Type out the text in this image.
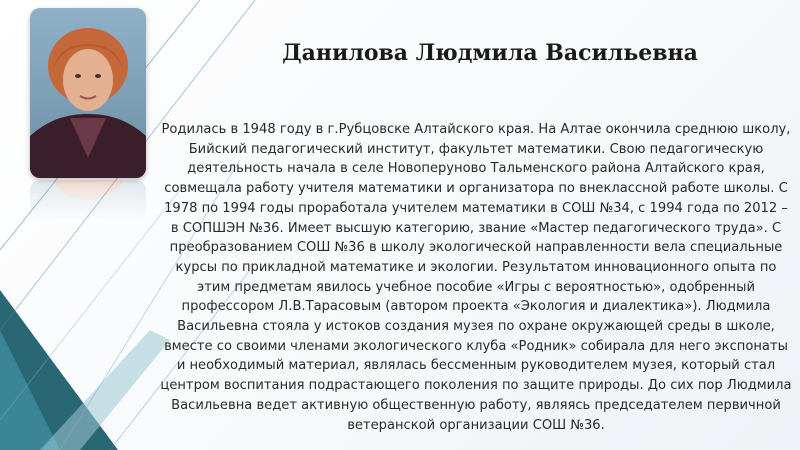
Данилова Людмила Васильевна

Родилась в 1948 году в г.Рубцовске Алтайского края. На Алтае окончила среднюю школу, Бийский педагогический институт, факультет математики. Свою педагогическую деятельность начала в селе Новоперуново Тальменского района Алтайского края, совмещала работу учителя математики и организатора по внеклассной работе школы. С 1978 по 1994 годы проработала учителем математики в СОШ №34, с 1994 года по 2012 – в СОПШЭН №36. Имеет высшую категорию, звание «Мастер педагогического труда». С преобразованием СОШ №36 в школу экологической направленности вела специальные курсы по прикладной математике и экологии. Результатом инновационного опыта по этим предметам явилось учебное пособие «Игры с вероятностью», одобренный профессором Л.В.Тарасовым (автором проекта «Экология и диалектика»). Людмила Васильевна стояла у истоков создания музея по охране окружающей среды в школе, вместе со своими членами экологического клуба «Родник» собирала для него экспонаты и необходимый материал, являлась бессменным руководителем музея, который стал центром воспитания подрастающего поколения по защите природы. До сих пор Людмила Васильевна ведет активную общественную работу, являясь председателем первичной ветеранской организации СОШ №36.
